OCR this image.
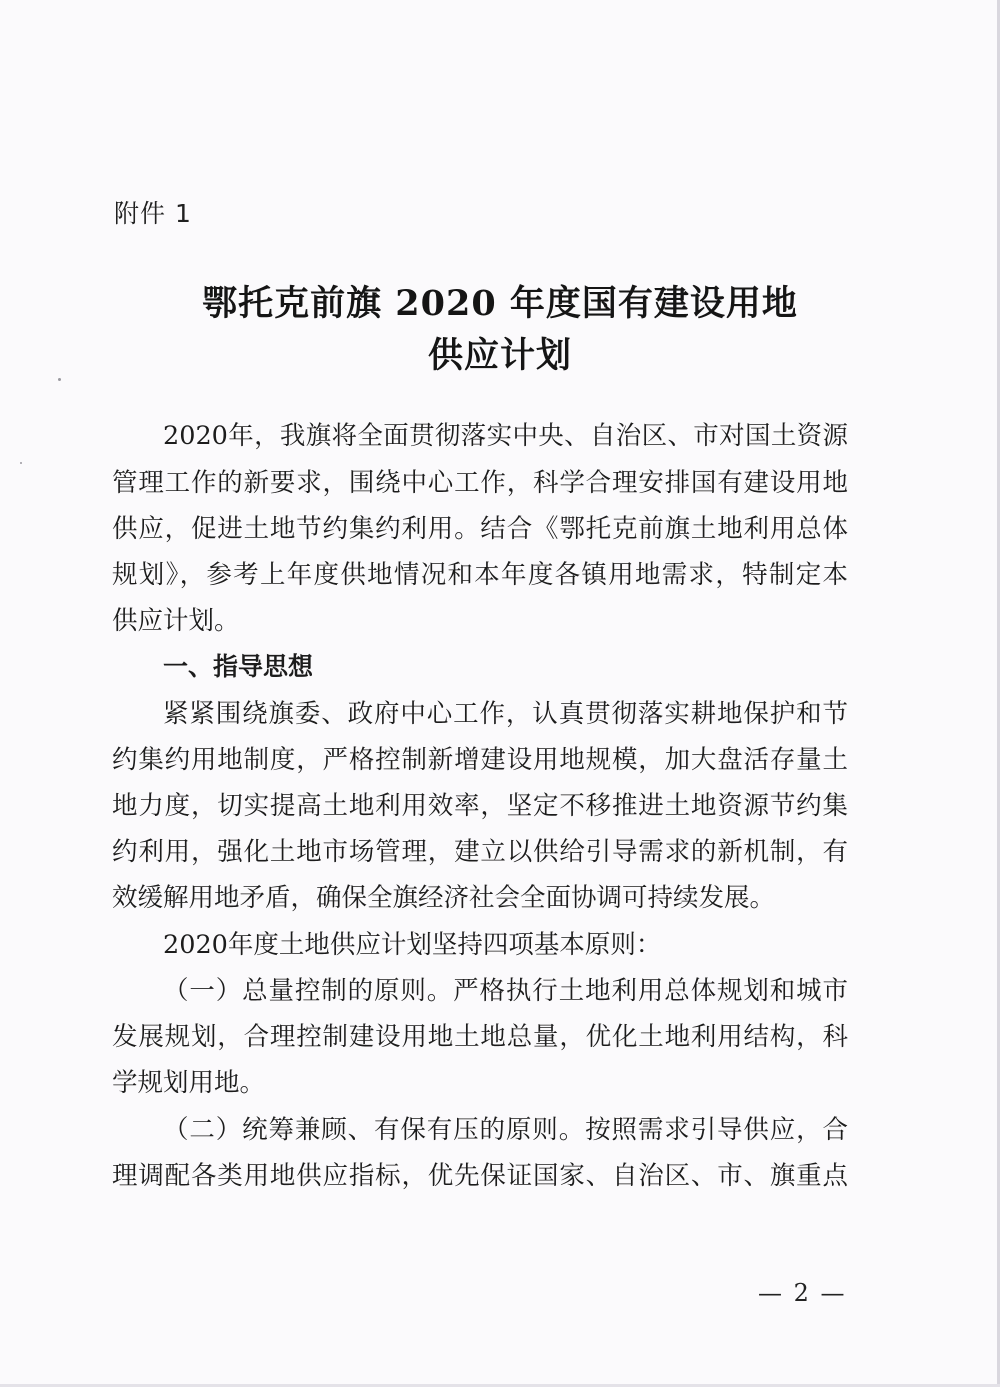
附件 1
鄂托克前旗 2020 年度国有建设用地
供应计划
2020年，我旗将全面贯彻落实中央、自治区、市对国土资源
管理工作的新要求，围绕中心工作，科学合理安排国有建设用地
供应，促进土地节约集约利用。结合《鄂托克前旗土地利用总体
规划》，参考上年度供地情况和本年度各镇用地需求，特制定本
供应计划。
一、指导思想
紧紧围绕旗委、政府中心工作，认真贯彻落实耕地保护和节
约集约用地制度，严格控制新增建设用地规模，加大盘活存量土
地力度，切实提高土地利用效率，坚定不移推进土地资源节约集
约利用，强化土地市场管理，建立以供给引导需求的新机制，有
效缓解用地矛盾，确保全旗经济社会全面协调可持续发展。
2020年度土地供应计划坚持四项基本原则：
（一）总量控制的原则。严格执行土地利用总体规划和城市
发展规划，合理控制建设用地土地总量，优化土地利用结构，科
学规划用地。
（二）统筹兼顾、有保有压的原则。按照需求引导供应，合
理调配各类用地供应指标，优先保证国家、自治区、市、旗重点
— 2 —
